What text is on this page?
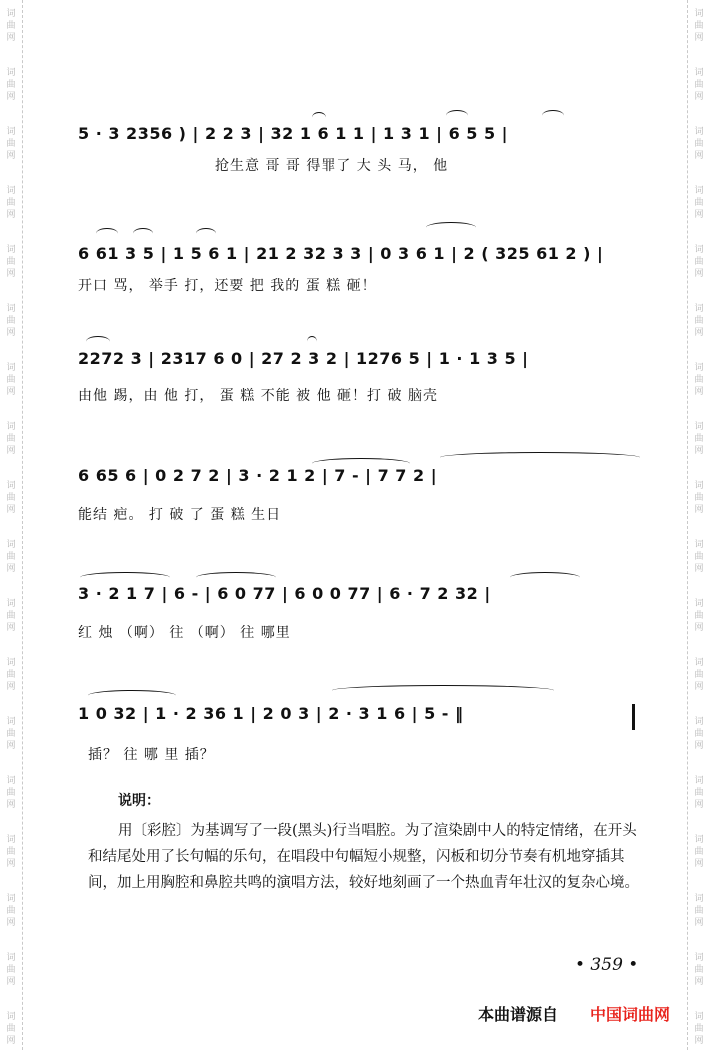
词
曲
网
词
曲
网
词
曲
网
词
曲
网
词
曲
网
词
曲
网
词
曲
网
词
曲
网
词
曲
网
词
曲
网
词
曲
网
词
曲
网
词
曲
网
词
曲
网
词
曲
网
词
曲
网
词
曲
网
词
曲
网
词
曲
网
词
曲
网
词
曲
网
词
曲
网
词
曲
网
词
曲
网
词
曲
网
词
曲
网
词
曲
网
词
曲
网
词
曲
网
词
曲
网
词
曲
网
词
曲
网
词
曲
网
词
曲
网
词
曲
网
词
曲
网
5 · 3 2356 ) | 2 2 3 | 32 1 6 1 1 | 1 3 1 | 6 5 5 |
抢生意 哥 哥 得罪了 大 头 马， 他
6 61 3 5 | 1 5 6 1 | 21 2 32 3 3 | 0 3 6 1 | 2 ( 325 61 2 ) |
开口 骂， 举手 打，还要 把 我的 蛋 糕 砸！
2272 3 | 2317 6 0 | 27 2 3 2 | 1276 5 | 1 · 1 3 5 |
由他 踢，由 他 打， 蛋 糕 不能 被 他 砸！打 破 脑壳
6 65 6 | 0 2 7 2 | 3 · 2 1 2 | 7 - | 7 7 2 |
能结 疤。 打 破 了 蛋 糕 生日
3 · 2 1 7 | 6 - | 6 0 77 | 6 0 0 77 | 6 · 7 2 32 |
红 烛 （啊） 往 （啊） 往 哪里
1 0 32 | 1 · 2 36 1 | 2 0 3 | 2 · 3 1 6 | 5 - ‖
插？ 往 哪 里 插？
说明：
用〔彩腔〕为基调写了一段(黑头)行当唱腔。为了渲染剧中人的特定情绪，在开头和结尾处用了长句幅的乐句，在唱段中句幅短小规整，闪板和切分节奏有机地穿插其间，加上用胸腔和鼻腔共鸣的演唱方法，较好地刻画了一个热血青年壮汉的复杂心境。
• 359 •
本曲谱源自 中国词曲网
